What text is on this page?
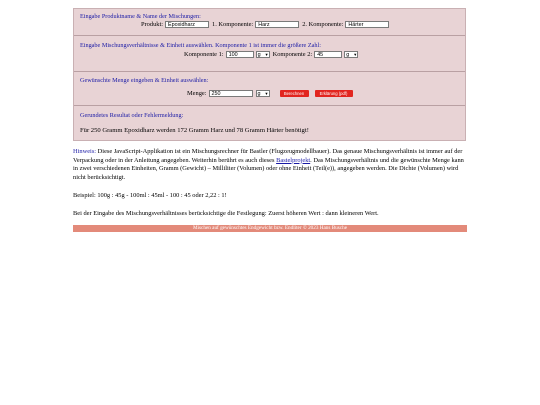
Eingabe Produktname & Name der Mischungen:
Produkt: Epoxidharz	1. Komponente: Harz	2. Komponente: Härter
Eingabe Mischungsverhältnisse & Einheit auswählen. Komponente 1 ist immer die größere Zahl:
Komponente 1: 100	g ▼ Komponente 2: 45	g ▼
Gewünschte Menge eingeben & Einheit auswählen:
Menge: 250	g ▼	Berechnen	Erklärung (pdf)
Gerundetes Resultat oder Fehlermeldung:
Für 250 Gramm Epoxidharz werden 172 Gramm Harz und 78 Gramm Härter benötigt!

Hinweis: Diese JavaScript-Applikation ist ein Mischungsrechner für Bastler (Flugzeugmodellbauer). Das genaue Mischungsverhältnis ist immer auf der Verpackung oder in der Anleitung angegeben. Weiterhin berührt es auch dieses Bastelprojekt. Das Mischungsverhältnis und die gewünschte Menge kann in zwei verschiedenen Einheiten, Gramm (Gewicht) – Milliliter (Volumen) oder ohne Einheit (Teil(e)), angegeben werden. Die Dichte (Volumen) wird nicht berücksichtigt.

Beispiel: 100g : 45g - 100ml : 45ml - 100 : 45 oder 2,22 : 1!
Bei der Eingabe des Mischungsverhältnisses berücksichtige die Festlegung: Zuerst höheren Wert : dann kleineren Wert.
Mischen auf gewünschtes Endgewicht bzw. Endliter © 2023 Hans Busche
